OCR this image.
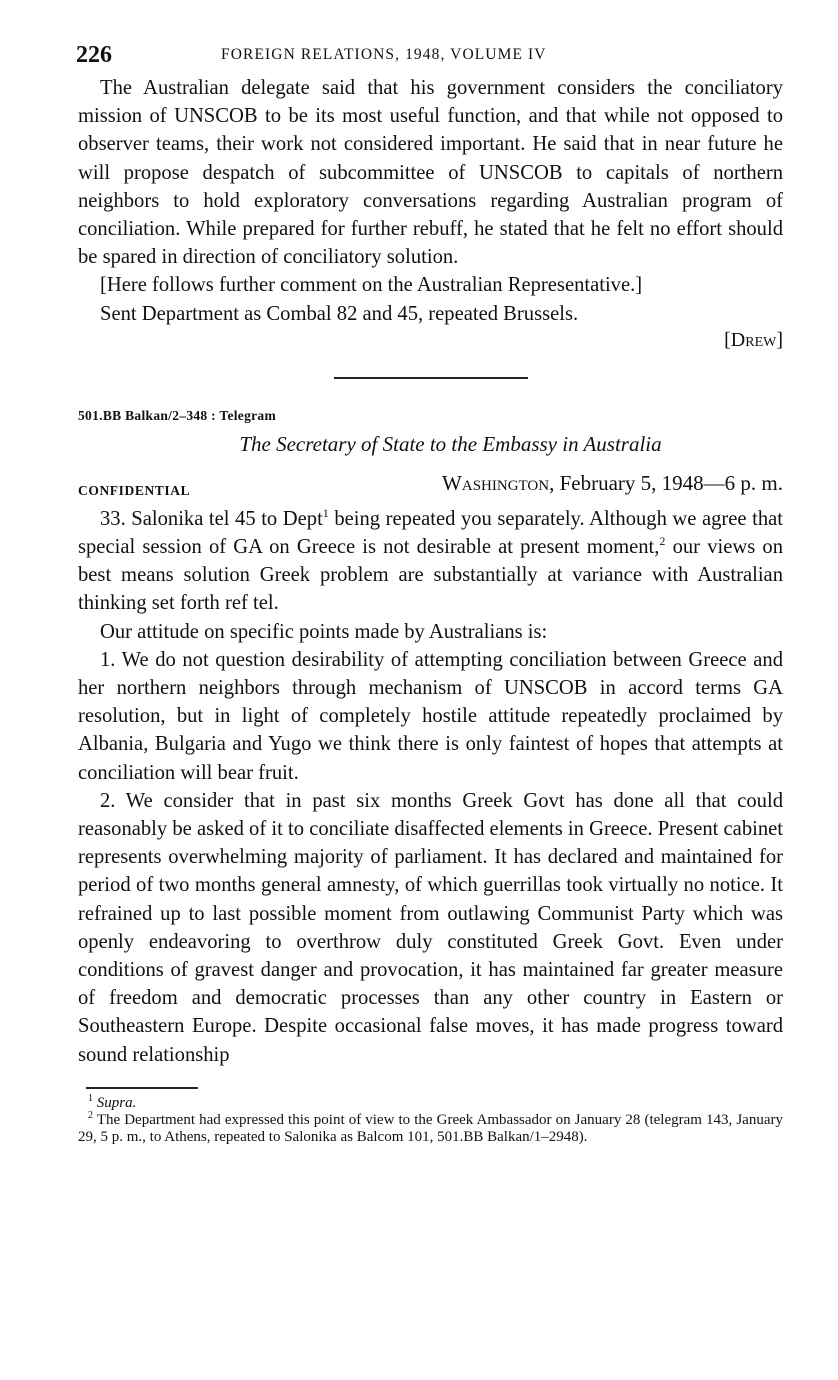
226	FOREIGN RELATIONS, 1948, VOLUME IV

The Australian delegate said that his government considers the conciliatory mission of UNSCOB to be its most useful function, and that while not opposed to observer teams, their work not considered important. He said that in near future he will propose despatch of subcommittee of UNSCOB to capitals of northern neighbors to hold exploratory conversations regarding Australian program of conciliation. While prepared for further rebuff, he stated that he felt no effort should be spared in direction of conciliatory solution.

[Here follows further comment on the Australian Representative.]

Sent Department as Combal 82 and 45, repeated Brussels.

[Drew]

501.BB Balkan/2–348 : Telegram

The Secretary of State to the Embassy in Australia

CONFIDENTIAL	Washington, February 5, 1948—6 p. m.

33. Salonika tel 45 to Dept$^1$ being repeated you separately. Although we agree that special session of GA on Greece is not desirable at present moment,$^2$ our views on best means solution Greek problem are substantially at variance with Australian thinking set forth ref tel.

Our attitude on specific points made by Australians is:

1. We do not question desirability of attempting conciliation between Greece and her northern neighbors through mechanism of UNSCOB in accord terms GA resolution, but in light of completely hostile attitude repeatedly proclaimed by Albania, Bulgaria and Yugo we think there is only faintest of hopes that attempts at conciliation will bear fruit.

2. We consider that in past six months Greek Govt has done all that could reasonably be asked of it to conciliate disaffected elements in Greece. Present cabinet represents overwhelming majority of parliament. It has declared and maintained for period of two months general amnesty, of which guerrillas took virtually no notice. It refrained up to last possible moment from outlawing Communist Party which was openly endeavoring to overthrow duly constituted Greek Govt. Even under conditions of gravest danger and provocation, it has maintained far greater measure of freedom and democratic processes than any other country in Eastern or Southeastern Europe. Despite occasional false moves, it has made progress toward sound relationship

$^1$ Supra.

$^2$ The Department had expressed this point of view to the Greek Ambassador on January 28 (telegram 143, January 29, 5 p. m., to Athens, repeated to Salonika as Balcom 101, 501.BB Balkan/1–2948).
